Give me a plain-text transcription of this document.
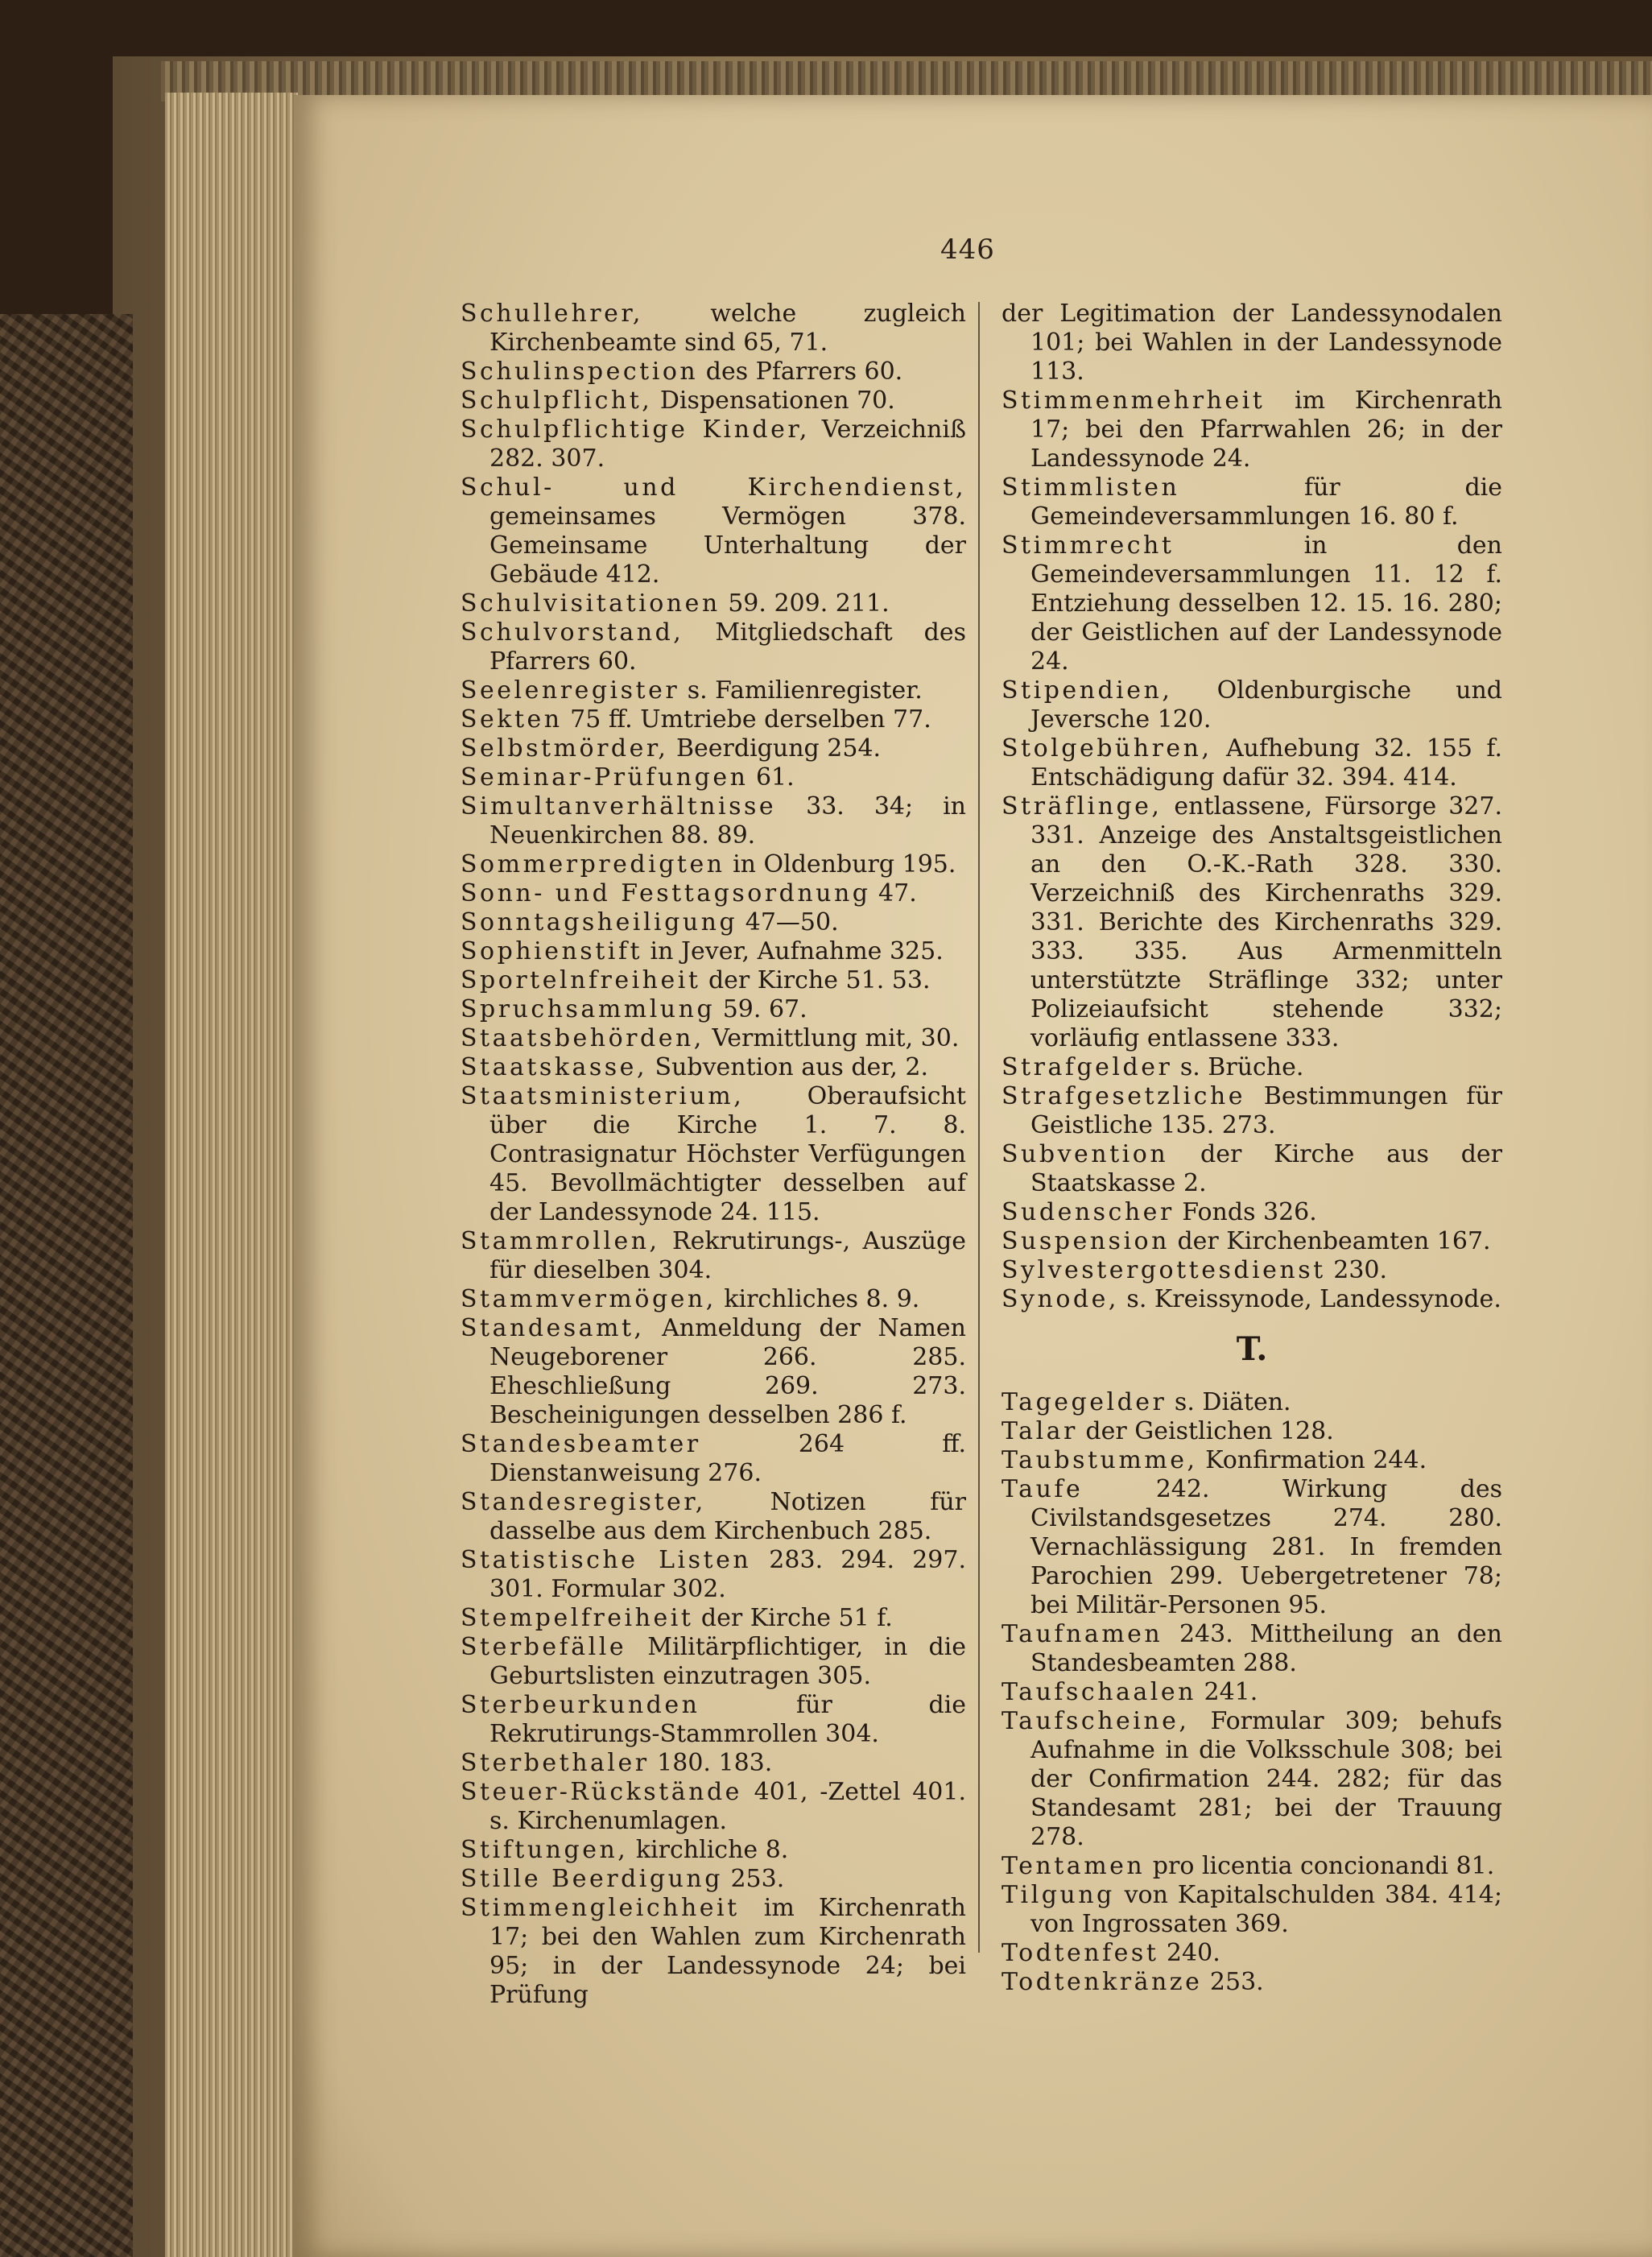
446

Schullehrer, welche zugleich Kirchenbeamte sind 65, 71.

Schulinspection des Pfarrers 60.

Schulpflicht, Dispensationen 70.

Schulpflichtige Kinder, Verzeichniß 282. 307.

Schul- und Kirchendienst, gemeinsames Vermögen 378. Gemeinsame Unterhaltung der Gebäude 412.

Schulvisitationen 59. 209. 211.

Schulvorstand, Mitgliedschaft des Pfarrers 60.

Seelenregister s. Familienregister.

Sekten 75 ff. Umtriebe derselben 77.

Selbstmörder, Beerdigung 254.

Seminar-Prüfungen 61.

Simultanverhältnisse 33. 34; in Neuenkirchen 88. 89.

Sommerpredigten in Oldenburg 195.

Sonn- und Festtagsordnung 47.

Sonntagsheiligung 47—50.

Sophienstift in Jever, Aufnahme 325.

Sportelnfreiheit der Kirche 51. 53.

Spruchsammlung 59. 67.

Staatsbehörden, Vermittlung mit, 30.

Staatskasse, Subvention aus der, 2.

Staatsministerium, Oberaufsicht über die Kirche 1. 7. 8. Contrasignatur Höchster Verfügungen 45. Bevollmächtigter desselben auf der Landessynode 24. 115.

Stammrollen, Rekrutirungs-, Auszüge für dieselben 304.

Stammvermögen, kirchliches 8. 9.

Standesamt, Anmeldung der Namen Neugeborener 266. 285. Eheschließung 269. 273. Bescheinigungen desselben 286 f.

Standesbeamter 264 ff. Dienstanweisung 276.

Standesregister, Notizen für dasselbe aus dem Kirchenbuch 285.

Statistische Listen 283. 294. 297. 301. Formular 302.

Stempelfreiheit der Kirche 51 f.

Sterbefälle Militärpflichtiger, in die Geburtslisten einzutragen 305.

Sterbeurkunden für die Rekrutirungs-Stammrollen 304.

Sterbethaler 180. 183.

Steuer-Rückstände 401, -Zettel 401. s. Kirchenumlagen.

Stiftungen, kirchliche 8.

Stille Beerdigung 253.

Stimmengleichheit im Kirchenrath 17; bei den Wahlen zum Kirchenrath 95; in der Landessynode 24; bei Prüfung

der Legitimation der Landessynodalen 101; bei Wahlen in der Landessynode 113.

Stimmenmehrheit im Kirchenrath 17; bei den Pfarrwahlen 26; in der Landessynode 24.

Stimmlisten für die Gemeindeversammlungen 16. 80 f.

Stimmrecht in den Gemeindeversammlungen 11. 12 f. Entziehung desselben 12. 15. 16. 280; der Geistlichen auf der Landessynode 24.

Stipendien, Oldenburgische und Jeversche 120.

Stolgebühren, Aufhebung 32. 155 f. Entschädigung dafür 32. 394. 414.

Sträflinge, entlassene, Fürsorge 327. 331. Anzeige des Anstaltsgeistlichen an den O.-K.-Rath 328. 330. Verzeichniß des Kirchenraths 329. 331. Berichte des Kirchenraths 329. 333. 335. Aus Armenmitteln unterstützte Sträflinge 332; unter Polizeiaufsicht stehende 332; vorläufig entlassene 333.

Strafgelder s. Brüche.

Strafgesetzliche Bestimmungen für Geistliche 135. 273.

Subvention der Kirche aus der Staatskasse 2.

Sudenscher Fonds 326.

Suspension der Kirchenbeamten 167.

Sylvestergottesdienst 230.

Synode, s. Kreissynode, Landessynode.

T.

Tagegelder s. Diäten.

Talar der Geistlichen 128.

Taubstumme, Konfirmation 244.

Taufe 242. Wirkung des Civilstandsgesetzes 274. 280. Vernachlässigung 281. In fremden Parochien 299. Uebergetretener 78; bei Militär-Personen 95.

Taufnamen 243. Mittheilung an den Standesbeamten 288.

Taufschaalen 241.

Taufscheine, Formular 309; behufs Aufnahme in die Volksschule 308; bei der Confirmation 244. 282; für das Standesamt 281; bei der Trauung 278.

Tentamen pro licentia concionandi 81.

Tilgung von Kapitalschulden 384. 414; von Ingrossaten 369.

Todtenfest 240.

Todtenkränze 253.
